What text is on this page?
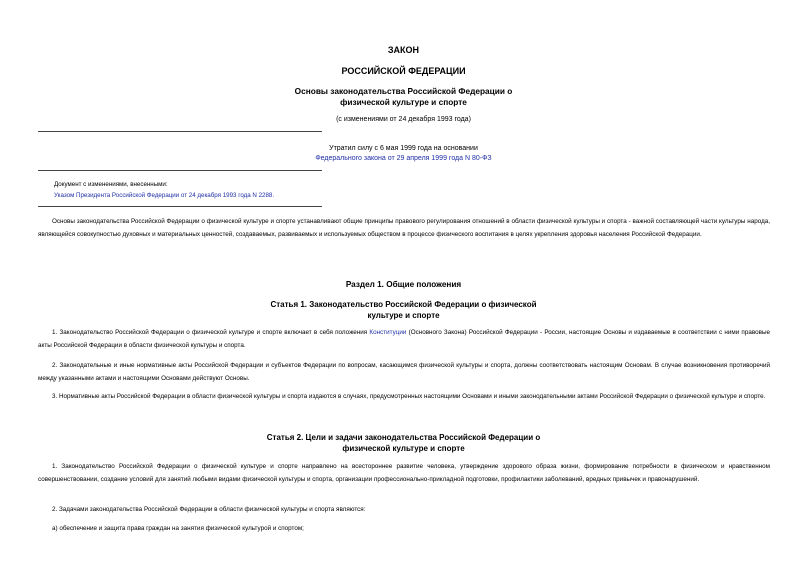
ЗАКОН
РОССИЙСКОЙ ФЕДЕРАЦИИ
Основы законодательства Российской Федерации о
физической культуре и спорте
(с изменениями от 24 декабря 1993 года)
Утратил силу с 6 мая 1999 года на основании
Федерального закона от 29 апреля 1999 года N 80-ФЗ
Документ с изменениями, внесенными:
Указом Президента Российской Федерации от 24 декабря 1993 года N 2288.
Основы законодательства Российской Федерации о физической культуре и спорте устанавливают общие принципы правового регулирования отношений в области физической культуры и спорта - важной составляющей части культуры народа, являющейся совокупностью духовных и материальных ценностей, создаваемых, развиваемых и используемых обществом в процессе физического воспитания в целях укрепления здоровья населения Российской Федерации.
Раздел 1. Общие положения
Статья 1. Законодательство Российской Федерации о физической
культуре и спорте
1. Законодательство Российской Федерации о физической культуре и спорте включает в себя положения Конституции (Основного Закона) Российской Федерации - России, настоящие Основы и издаваемые в соответствии с ними правовые акты Российской Федерации в области физической культуры и спорта.
2. Законодательные и иные нормативные акты Российской Федерации и субъектов Федерации по вопросам, касающимся физической культуры и спорта, должны соответствовать настоящим Основам. В случае возникновения противоречий между указанными актами и настоящими Основами действуют Основы.
3. Нормативные акты Российской Федерации в области физической культуры и спорта издаются в случаях, предусмотренных настоящими Основами и иными законодательными актами Российской Федерации о физической культуре и спорте.
Статья 2. Цели и задачи законодательства Российской Федерации о
физической культуре и спорте
1. Законодательство Российской Федерации о физической культуре и спорте направлено на всестороннее развитие человека, утверждение здорового образа жизни, формирование потребности в физическом и нравственном совершенствовании, создание условий для занятий любыми видами физической культуры и спорта, организации профессионально-прикладной подготовки, профилактики заболеваний, вредных привычек и правонарушений.
2. Задачами законодательства Российской Федерации в области физической культуры и спорта являются:
а) обеспечение и защита права граждан на занятия физической культурой и спортом;
